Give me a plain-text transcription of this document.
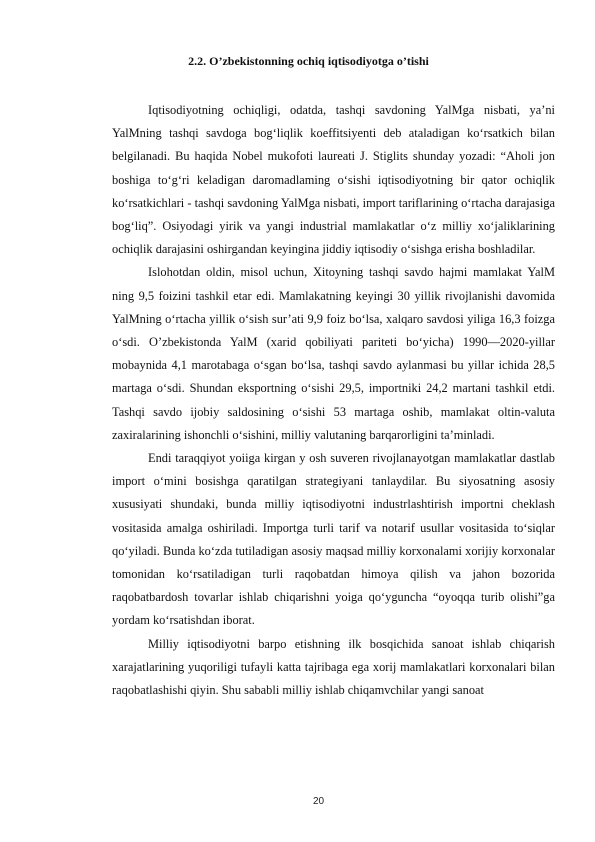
2.2. O’zbekistonning ochiq iqtisodiyotga o’tishi

Iqtisodiyotning ochiqligi, odatda, tashqi savdoning YalMga nisbati, ya’ni YalMning tashqi savdoga bog‘liqlik koeffitsiyenti deb ataladigan ko‘rsatkich bilan belgilanadi. Bu haqida Nobel mukofoti laureati J. Stiglits shunday yozadi: “Aholi jon boshiga to‘g‘ri keladigan daromadlaming o‘sishi iqtisodiyotning bir qator ochiqlik ko‘rsatkichlari - tashqi savdoning YalMga nisbati, import tariflarining o‘rtacha darajasiga bog‘liq”. Osiyodagi yirik va yangi industrial mamlakatlar o‘z milliy xo‘jaliklarining ochiqlik darajasini oshirgandan keyingina jiddiy iqtisodiy o‘sishga erisha boshladilar.

Islohotdan oldin, misol uchun, Xitoyning tashqi savdo hajmi mamlakat YalM ning 9,5 foizini tashkil etar edi. Mamlakatning keyingi 30 yillik rivojlanishi davomida YalMning o‘rtacha yillik o‘sish sur’ati 9,9 foiz bo‘lsa, xalqaro savdosi yiliga 16,3 foizga o‘sdi. O’zbekistonda YalM (xarid qobiliyati pariteti bo‘yicha) 1990—2020-yillar mobaynida 4,1 marotabaga o‘sgan bo‘lsa, tashqi savdo aylanmasi bu yillar ichida 28,5 martaga o‘sdi. Shundan eksportning o‘sishi 29,5, importniki 24,2 martani tashkil etdi. Tashqi savdo ijobiy saldosining o‘sishi 53 martaga oshib, mamlakat oltin-valuta zaxiralarining ishonchli o‘sishini, milliy valutaning barqarorligini ta’minladi.

Endi taraqqiyot yoiiga kirgan y osh suveren rivojlanayotgan mamlakatlar dastlab import o‘mini bosishga qaratilgan strategiyani tanlaydilar. Bu siyosatning asosiy xususiyati shundaki, bunda milliy iqtisodiyotni industrlashtirish importni cheklash vositasida amalga oshiriladi. Importga turli tarif va notarif usullar vositasida to‘siqlar qo‘yiladi. Bunda ko‘zda tutiladigan asosiy maqsad milliy korxonalami xorijiy korxonalar tomonidan ko‘rsatiladigan turli raqobatdan himoya qilish va jahon bozorida raqobatbardosh tovarlar ishlab chiqarishni yoiga qo‘yguncha “oyoqqa turib olishi”ga yordam ko‘rsatishdan iborat.

Milliy iqtisodiyotni barpo etishning ilk bosqichida sanoat ishlab chiqarish xarajatlarining yuqoriligi tufayli katta tajribaga ega xorij mamlakatlari korxonalari bilan raqobatlashishi qiyin. Shu sababli milliy ishlab chiqamvchilar yangi sanoat

20
